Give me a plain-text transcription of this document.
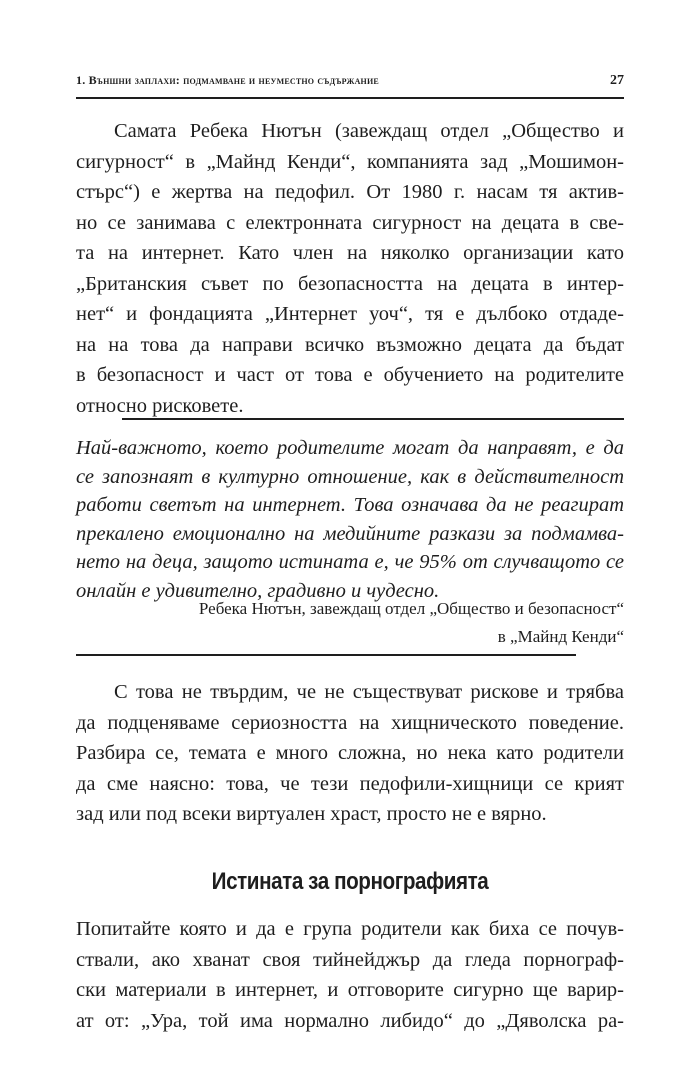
1. Външни заплахи: подмамване и неуместно съдържание	27
Самата Ребека Нютън (завеждащ отдел „Общество и
сигурност“ в „Майнд Кенди“, компанията зад „Мошимон-
стърс“) е жертва на педофил. От 1980 г. насам тя актив-
но се занимава с електронната сигурност на децата в све-
та на интернет. Като член на няколко организации като
„Британския съвет по безопасността на децата в интер-
нет“ и фондацията „Интернет уоч“, тя е дълбоко отдаде-
на на това да направи всичко възможно децата да бъдат
в безопасност и част от това е обучението на родителите
относно рисковете.
Най-важното, което родителите могат да направят, е да
се запознаят в културно отношение, как в действителност
работи светът на интернет. Това означава да не реагират
прекалено емоционално на медийните разкази за подмамва-
нето на деца, защото истината е, че 95% от случващото се
онлайн е удивително, градивно и чудесно.
Ребека Нютън, завеждащ отдел „Общество и безопасност“
в „Майнд Кенди“
С това не твърдим, че не съществуват рискове и трябва
да подценяваме сериозността на хищническото поведение.
Разбира се, темата е много сложна, но нека като родители
да сме наясно: това, че тези педофили-хищници се крият
зад или под всеки виртуален храст, просто не е вярно.
Истината за порнографията
Попитайте която и да е група родители как биха се почув-
ствали, ако хванат своя тийнейджър да гледа порнограф-
ски материали в интернет, и отговорите сигурно ще варир-
ат от: „Ура, той има нормално либидо“ до „Дяволска ра-
